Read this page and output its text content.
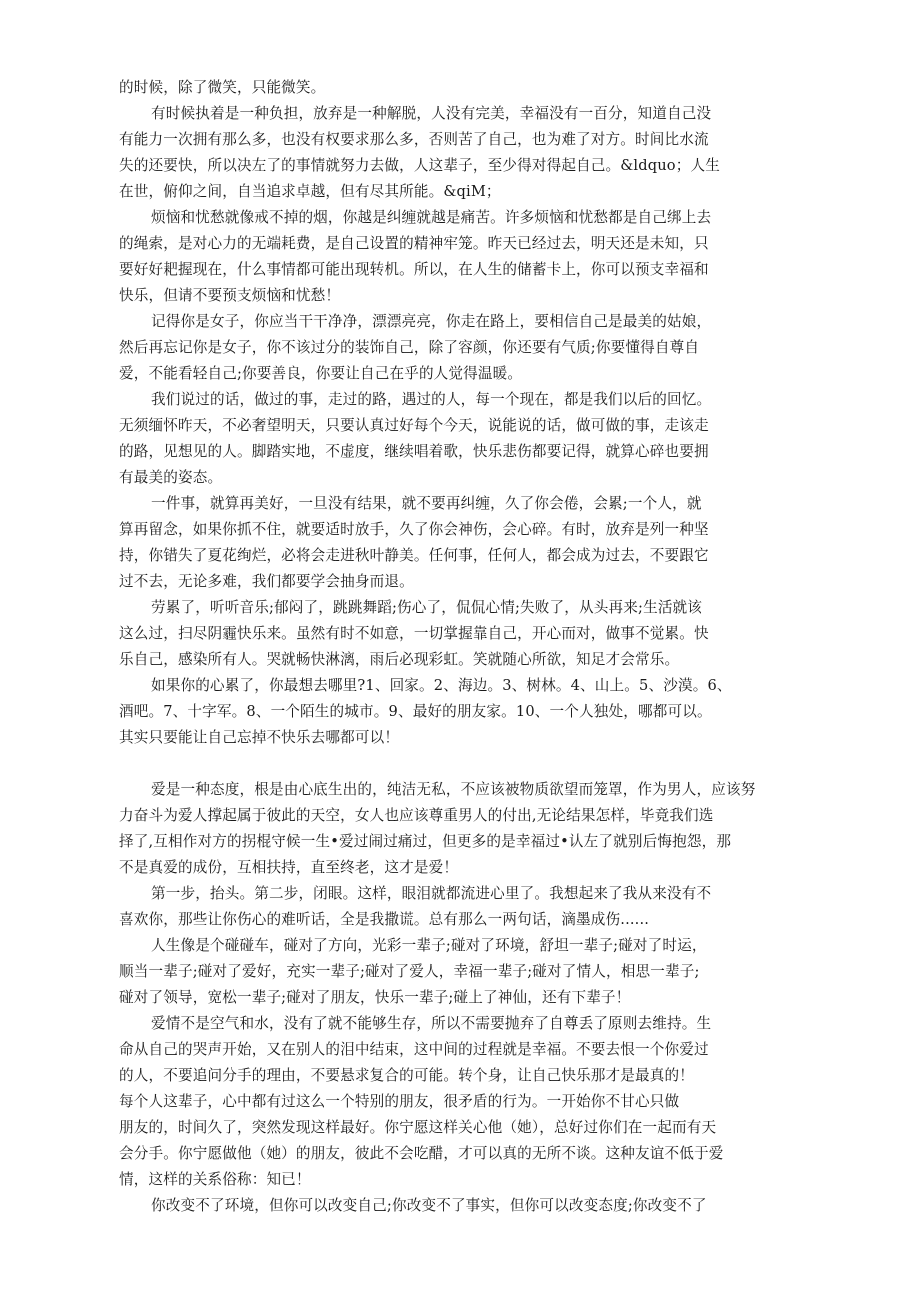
的时候，除了微笑，只能微笑。

有时候执着是一种负担，放弃是一种解脱，人没有完美，幸福没有一百分，知道自己没

有能力一次拥有那么多，也没有权要求那么多，否则苦了自己，也为难了对方。时间比水流

失的还要快，所以决左了的事情就努力去做，人这辈子，至少得对得起自己。&ldquo；人生

在世，俯仰之间，自当追求卓越，但有尽其所能。&qiM；

烦恼和忧愁就像戒不掉的烟，你越是纠缠就越是痛苦。许多烦恼和忧愁都是自己绑上去

的绳索，是对心力的无端耗费，是自己设置的精神牢笼。昨天已经过去，明天还是未知，只

要好好耙握现在，什么事情都可能出现转机。所以，在人生的储蓄卡上，你可以预支幸福和

快乐，但请不要预支烦恼和忧愁！

记得你是女子，你应当干干净净，漂漂亮亮，你走在路上，要相信自己是最美的姑娘，

然后再忘记你是女子，你不该过分的装饰自己，除了容颜，你还要有气质;你要懂得自尊自

爱，不能看轻自己;你要善良，你要让自己在乎的人觉得温暖。

我们说过的话，做过的事，走过的路，遇过的人，每一个现在，都是我们以后的回忆。

无须缅怀昨天，不必奢望明天，只要认真过好每个今天，说能说的话，做可做的事，走该走

的路，见想见的人。脚踏实地，不虚度，继续唱着歌，快乐悲伤都要记得，就算心碎也要拥

有最美的姿态。

一件事，就算再美好，一旦没有结果，就不要再纠缠，久了你会倦，会累;一个人，就

算再留念，如果你抓不住，就要适时放手，久了你会神伤，会心碎。有时，放弃是列一种坚

持，你错失了夏花绚烂，必将会走进秋叶静美。任何事，任何人，都会成为过去，不要跟它

过不去，无论多难，我们都要学会抽身而退。

劳累了，听听音乐;郁闷了，跳跳舞蹈;伤心了，侃侃心情;失败了，从头再来;生活就该

这么过，扫尽阴霾快乐来。虽然有时不如意，一切掌握靠自己，开心而对，做事不觉累。快

乐自己，感染所有人。哭就畅快淋漓，雨后必现彩虹。笑就随心所欲，知足才会常乐。

如果你的心累了，你最想去哪里?1、回家。2、海边。3、树林。4、山上。5、沙漠。6、

酒吧。7、十字军。8、一个陌生的城市。9、最好的朋友家。10、一个人独处，哪都可以。

其实只要能让自己忘掉不快乐去哪都可以！

爱是一种态度，根是由心底生出的，纯洁无私，不应该被物质欲望而笼罩，作为男人，应该努

力奋斗为爱人撑起属于彼此的天空，女人也应该尊重男人的付出,无论结果怎样，毕竟我们选

择了,互相作对方的拐棍守候一生•爱过闹过痛过，但更多的是幸福过•认左了就别后悔抱怨，那

不是真爱的成份，互相扶持，直至终老，这才是爱！

第一步，抬头。第二步，闭眼。这样，眼泪就都流进心里了。我想起来了我从来没有不

喜欢你，那些让你伤心的难听话，全是我撒谎。总有那么一两句话，滴墨成伤......

人生像是个碰碰车，碰对了方向，光彩一辈子;碰对了环境，舒坦一辈子;碰对了时运，

顺当一辈子;碰对了爱好，充实一辈子;碰对了爱人，幸福一辈子;碰对了情人，相思一辈子;

碰对了领导，宽松一辈子;碰对了朋友，快乐一辈子;碰上了神仙，还有下辈子！

爱情不是空气和水，没有了就不能够生存，所以不需要抛弃了自尊丢了原则去维持。生

命从自己的哭声开始，又在别人的泪中结束，这中间的过程就是幸福。不要去恨一个你爱过

的人，不要追问分手的理由，不要悬求复合的可能。转个身，让自己快乐那才是最真的！

每个人这辈子，心中都有过这么一个特别的朋友，很矛盾的行为。一开始你不甘心只做

朋友的，时间久了，突然发现这样最好。你宁愿这样关心他（她），总好过你们在一起而有天

会分手。你宁愿做他（她）的朋友，彼此不会吃醋，才可以真的无所不谈。这种友谊不低于爱

情，这样的关系俗称：知已！

你改变不了环境，但你可以改变自己;你改变不了事实，但你可以改变态度;你改变不了
